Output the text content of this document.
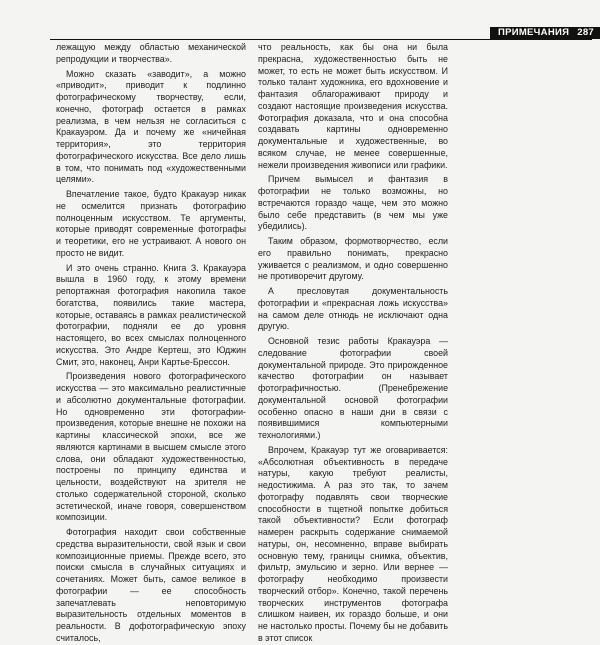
ПРИМЕЧАНИЯ 287

лежащую между областью механической репродукции и творчества».

Можно сказать «заводит», а можно «приводит», приводит к подлинно фотографическому творчеству, если, конечно, фотограф остается в рамках реализма, в чем нельзя не согласиться с Кракауэром. Да и почему же «ничейная территория», это территория фотографического искусства. Все дело лишь в том, что понимать под «художественными целями».

Впечатление такое, будто Кракауэр никак не осмелится признать фотографию полноценным искусством. Те аргументы, которые приводят современные фотографы и теоретики, его не устраивают. А нового он просто не видит.

И это очень странно. Книга З. Кракауэра вышла в 1960 году, к этому времени репортажная фотография накопила такое богатства, появились такие мастера, которые, оставаясь в рамках реалистической фотографии, подняли ее до уровня настоящего, во всех смыслах полноценного искусства. Это Андре Кертеш, это Юджин Смит, это, наконец, Анри Картье-Брессон.

Произведения нового фотографического искусства — это максимально реалистичные и абсолютно документальные фотографии. Но одновременно эти фотографии-произведения, которые внешне не похожи на картины классической эпохи, все же являются картинами в высшем смысле этого слова, они обладают художественностью, построены по принципу единства и цельности, воздействуют на зрителя не столько содержательной стороной, сколько эстетической, иначе говоря, совершенством композиции.

Фотография находит свои собственные средства выразительности, свой язык и свои композиционные приемы. Прежде всего, это поиски смысла в случайных ситуациях и сочетаниях. Может быть, самое великое в фотографии — ее способность запечатлевать неповторимую выразительность отдельных моментов в реальности. В дофотографическую эпоху считалось,

что реальность, как бы она ни была прекрасна, художественностью быть не может, то есть не может быть искусством. И только талант художника, его вдохновение и фантазия облагораживают природу и создают настоящие произведения искусства. Фотография доказала, что и она способна создавать картины одновременно документальные и художественные, во всяком случае, не менее совершенные, нежели произведения живописи или графики.

Причем вымысел и фантазия в фотографии не только возможны, но встречаются гораздо чаще, чем это можно было себе представить (в чем мы уже убедились).

Таким образом, формотворчество, если его правильно понимать, прекрасно уживается с реализмом, и одно совершенно не противоречит другому.

А пресловутая документальность фотографии и «прекрасная ложь искусства» на самом деле отнюдь не исключают одна другую.

Основной тезис работы Кракауэра — следование фотографии своей документальной природе. Это прирожденное качество фотографии он называет фотографичностью. (Пренебрежение документальной основой фотографии особенно опасно в наши дни в связи с появившимися компьютерными технологиями.)

Впрочем, Кракауэр тут же оговаривается: «Абсолютная объективность в передаче натуры, какую требуют реалисты, недостижима. А раз это так, то зачем фотографу подавлять свои творческие способности в тщетной попытке добиться такой объективности? Если фотограф намерен раскрыть содержание снимаемой натуры, он, несомненно, вправе выбирать основную тему, границы снимка, объектив, фильтр, эмульсию и зерно. Или вернее — фотографу необходимо произвести творческий отбор». Конечно, такой перечень творческих инструментов фотографа слишком наивен, их гораздо больше, и они не настолько просты. Почему бы не добавить в этот список
